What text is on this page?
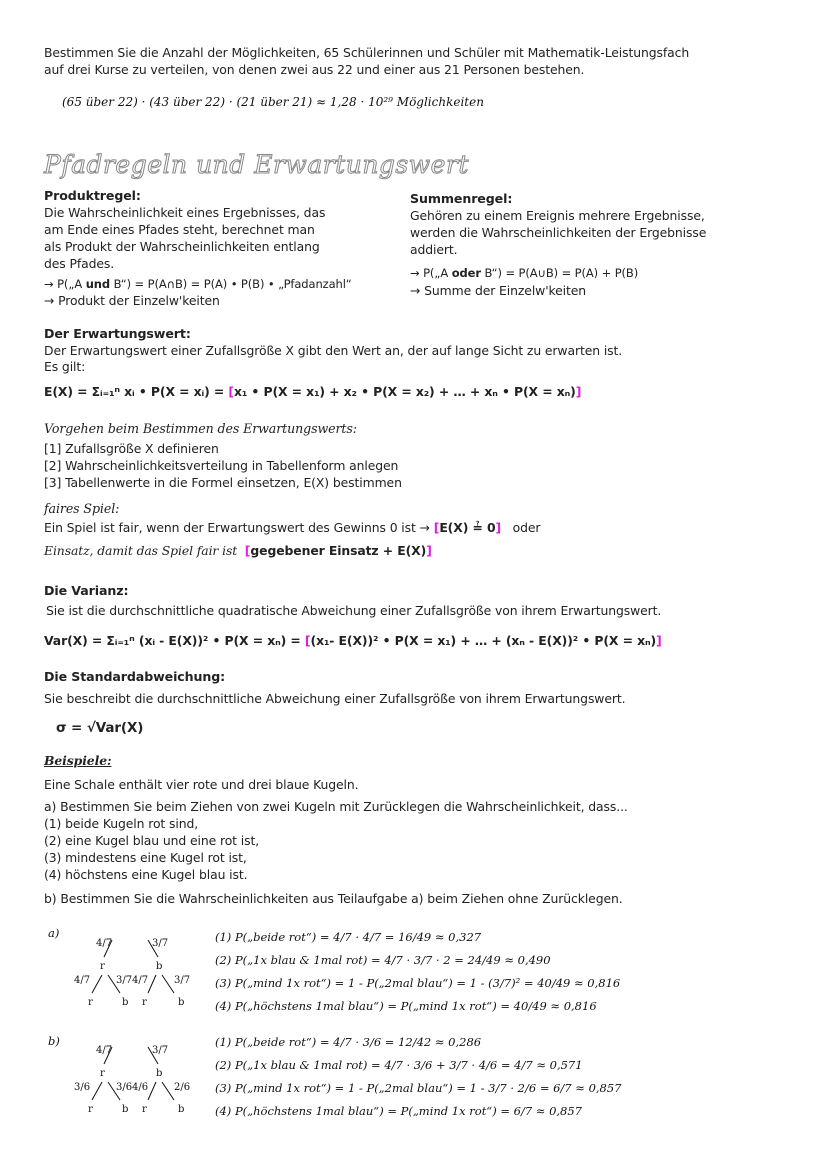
Bestimmen Sie die Anzahl der Möglichkeiten, 65 Schülerinnen und Schüler mit Mathematik-Leistungsfach
auf drei Kurse zu verteilen, von denen zwei aus 22 und einer aus 21 Personen bestehen.
(65 über 22) · (43 über 22) · (21 über 21) ≈ 1,28 · 10²⁹ Möglichkeiten
Pfadregeln und Erwartungswert
Produktregel:
Die Wahrscheinlichkeit eines Ergebnisses, das
am Ende eines Pfades steht, berechnet man
als Produkt der Wahrscheinlichkeiten entlang
des Pfades.
→ P(„A und B“) = P(A∩B) = P(A) • P(B) • „Pfadanzahl“
→ Produkt der Einzelw'keiten
Summenregel:
Gehören zu einem Ereignis mehrere Ergebnisse,
werden die Wahrscheinlichkeiten der Ergebnisse
addiert.
→ P(„A oder B“) = P(A∪B) = P(A) + P(B)
→ Summe der Einzelw'keiten
Der Erwartungswert:
Der Erwartungswert einer Zufallsgröße X gibt den Wert an, der auf lange Sicht zu erwarten ist.
Es gilt:
E(X) = Σᵢ₌₁ⁿ xᵢ • P(X = xᵢ) = [x₁ • P(X = x₁) + x₂ • P(X = x₂) + … + xₙ • P(X = xₙ)]
Vorgehen beim Bestimmen des Erwartungswerts:
[1] Zufallsgröße X definieren
[2] Wahrscheinlichkeitsverteilung in Tabellenform anlegen
[3] Tabellenwerte in die Formel einsetzen, E(X) bestimmen
faires Spiel:
Ein Spiel ist fair, wenn der Erwartungswert des Gewinns 0 ist → [E(X) ≟ 0] oder
Einsatz, damit das Spiel fair ist [gegebener Einsatz + E(X)]
Die Varianz:
Sie ist die durchschnittliche quadratische Abweichung einer Zufallsgröße von ihrem Erwartungswert.
Var(X) = Σᵢ₌₁ⁿ (xᵢ - E(X))² • P(X = xₙ) = [(x₁- E(X))² • P(X = x₁) + … + (xₙ - E(X))² • P(X = xₙ)]
Die Standardabweichung:
Sie beschreibt die durchschnittliche Abweichung einer Zufallsgröße von ihrem Erwartungswert.
σ = √Var(X)
Beispiele:
Eine Schale enthält vier rote und drei blaue Kugeln.
a) Bestimmen Sie beim Ziehen von zwei Kugeln mit Zurücklegen die Wahrscheinlichkeit, dass...
(1) beide Kugeln rot sind,
(2) eine Kugel blau und eine rot ist,
(3) mindestens eine Kugel rot ist,
(4) höchstens eine Kugel blau ist.
b) Bestimmen Sie die Wahrscheinlichkeiten aus Teilaufgabe a) beim Ziehen ohne Zurücklegen.
a)
4/7	3/7
r	b
4/7	3/7 4/7	3/7
r	b r	b
(1) P(„beide rot“) = 4/7 · 4/7 = 16/49 ≈ 0,327
(2) P(„1x blau & 1mal rot) = 4/7 · 3/7 · 2 = 24/49 ≈ 0,490
(3) P(„mind 1x rot“) = 1 - P(„2mal blau“) = 1 - (3/7)² = 40/49 ≈ 0,816
(4) P(„höchstens 1mal blau“) = P(„mind 1x rot“) = 40/49 ≈ 0,816
b)
4/7	3/7
r	b
3/6	3/6 4/6	2/6
r	b r	b
(1) P(„beide rot“) = 4/7 · 3/6 = 12/42 ≈ 0,286
(2) P(„1x blau & 1mal rot) = 4/7 · 3/6 + 3/7 · 4/6 = 4/7 ≈ 0,571
(3) P(„mind 1x rot“) = 1 - P(„2mal blau“) = 1 - 3/7 · 2/6 = 6/7 ≈ 0,857
(4) P(„höchstens 1mal blau“) = P(„mind 1x rot“) = 6/7 ≈ 0,857
